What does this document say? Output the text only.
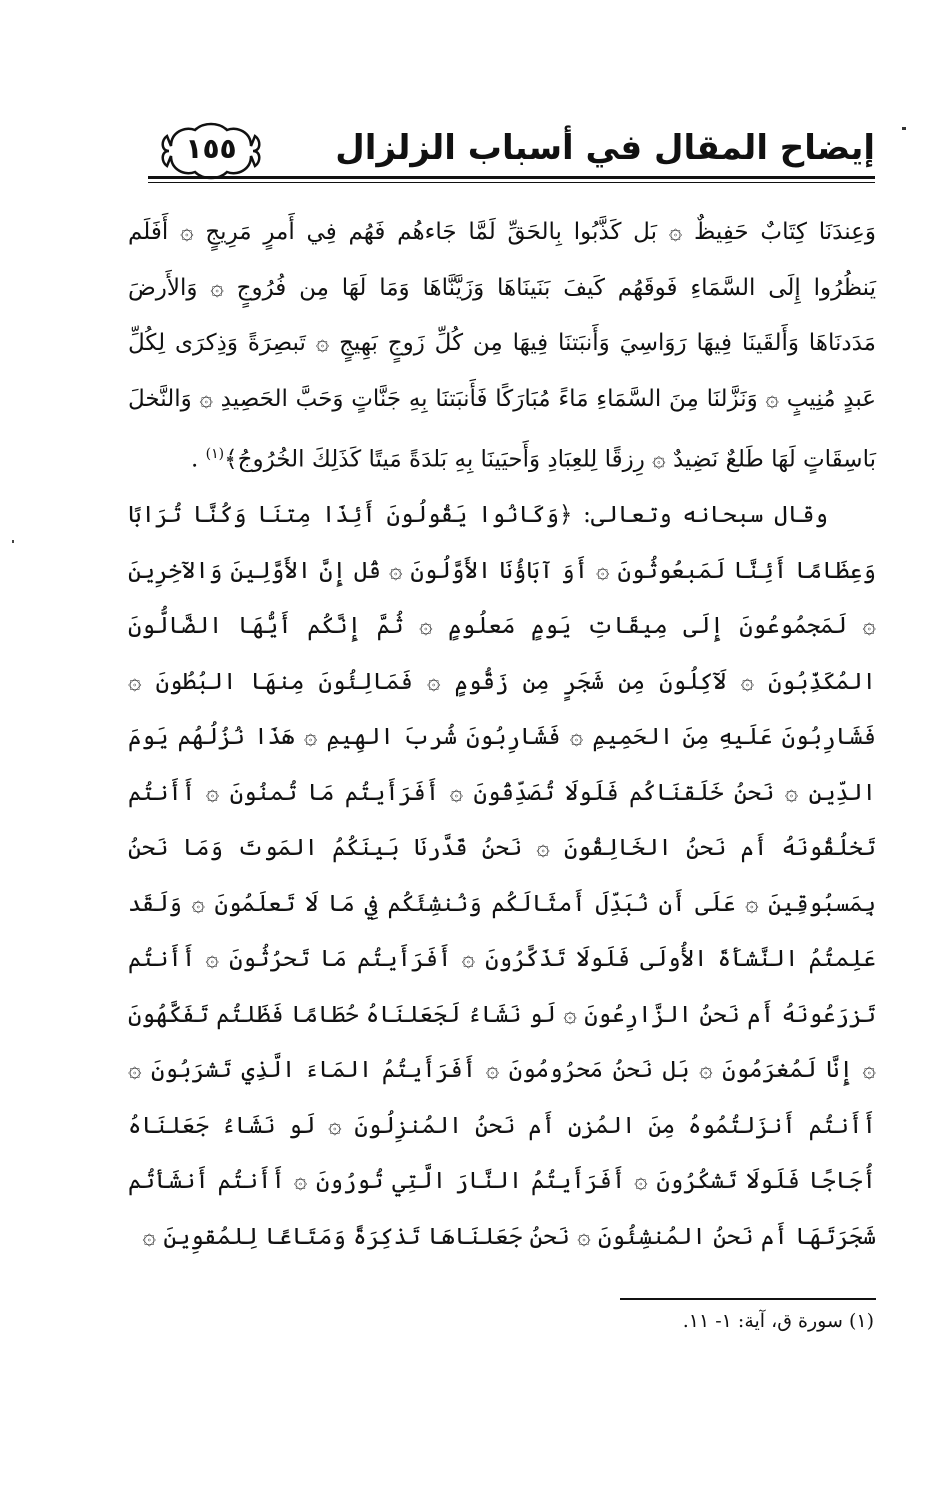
إيضاح المقال في أسباب الزلزال
١٥٥

وَعِندَنَا كِتَابٌ حَفِيظٌ ۞ بَل كَذَّبُوا بِالحَقِّ لَمَّا جَاءهُم فَهُم فِي أَمرٍ مَرِيجٍ ۞ أَفَلَم يَنظُرُوا إِلَى السَّمَاءِ فَوقَهُم كَيفَ بَنَينَاهَا وَزَيَّنَّاهَا وَمَا لَهَا مِن فُرُوجٍ ۞ وَالأَرضَ مَدَدنَاهَا وَأَلقَينَا فِيهَا رَوَاسِيَ وَأَنبَتنَا فِيهَا مِن كُلِّ زَوجٍ بَهِيجٍ ۞ تَبصِرَةً وَذِكرَى لِكُلِّ عَبدٍ مُنِيبٍ ۞ وَنَزَّلنَا مِنَ السَّمَاءِ مَاءً مُبَارَكًا فَأَنبَتنَا بِهِ جَنَّاتٍ وَحَبَّ الحَصِيدِ ۞ وَالنَّخلَ بَاسِقَاتٍ لَهَا طَلعٌ نَضِيدٌ ۞ رِزقًا لِلعِبَادِ وَأَحيَينَا بِهِ بَلدَةً مَيتًا كَذَلِكَ الخُرُوجُ﴾$^{(١)}$ .

وقال سبحانه وتعالى: ﴿وَكَانُوا يَقُولُونَ أَئِذَا مِتنَا وَكُنَّا تُرَابًا وَعِظَامًا أَئِنَّا لَمَبعُوثُونَ ۞ أَوَ آبَاؤُنَا الأَوَّلُونَ ۞ قُل إِنَّ الأَوَّلِينَ وَالآخِرِينَ ۞ لَمَجمُوعُونَ إِلَى مِيقَاتِ يَومٍ مَعلُومٍ ۞ ثُمَّ إِنَّكُم أَيُّهَا الضَّالُّونَ المُكَذِّبُونَ ۞ لَآكِلُونَ مِن شَجَرٍ مِن زَقُّومٍ ۞ فَمَالِئُونَ مِنهَا البُطُونَ ۞ فَشَارِبُونَ عَلَيهِ مِنَ الحَمِيمِ ۞ فَشَارِبُونَ شُربَ الهِيمِ ۞ هَذَا نُزُلُهُم يَومَ الدِّينِ ۞ نَحنُ خَلَقنَاكُم فَلَولَا تُصَدِّقُونَ ۞ أَفَرَأَيتُم مَا تُمنُونَ ۞ أَأَنتُم تَخلُقُونَهُ أَم نَحنُ الخَالِقُونَ ۞ نَحنُ قَدَّرنَا بَينَكُمُ المَوتَ وَمَا نَحنُ بِمَسبُوقِينَ ۞ عَلَى أَن نُبَدِّلَ أَمثَالَكُم وَنُنشِئَكُم فِي مَا لَا تَعلَمُونَ ۞ وَلَقَد عَلِمتُمُ النَّشأَةَ الأُولَى فَلَولَا تَذَكَّرُونَ ۞ أَفَرَأَيتُم مَا تَحرُثُونَ ۞ أَأَنتُم تَزرَعُونَهُ أَم نَحنُ الزَّارِعُونَ ۞ لَو نَشَاءُ لَجَعَلنَاهُ حُطَامًا فَظَلتُم تَفَكَّهُونَ ۞ إِنَّا لَمُغرَمُونَ ۞ بَل نَحنُ مَحرُومُونَ ۞ أَفَرَأَيتُمُ المَاءَ الَّذِي تَشرَبُونَ ۞ أَأَنتُم أَنزَلتُمُوهُ مِنَ المُزنِ أَم نَحنُ المُنزِلُونَ ۞ لَو نَشَاءُ جَعَلنَاهُ أُجَاجًا فَلَولَا تَشكُرُونَ ۞ أَفَرَأَيتُمُ النَّارَ الَّتِي تُورُونَ ۞ أَأَنتُم أَنشَأتُم شَجَرَتَهَا أَم نَحنُ المُنشِئُونَ ۞ نَحنُ جَعَلنَاهَا تَذكِرَةً وَمَتَاعًا لِلمُقوِينَ ۞

(١) سورة ق، آية: ١- ١١.
